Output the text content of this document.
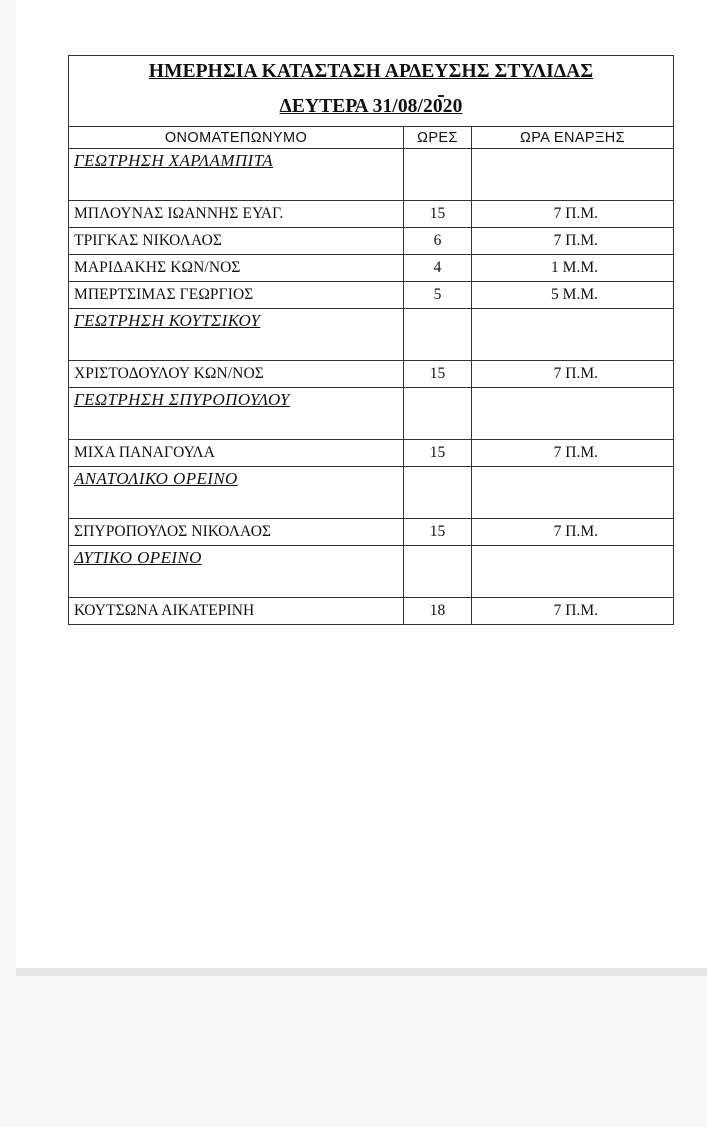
ΗΜΕΡΗΣΙΑ ΚΑΤΑΣΤΑΣΗ ΑΡΔΕΥΣΗΣ ΣΤΥΛΙΔΑΣ
ΔΕΥΤΕΡΑ 31/08/2020		

ΟΝΟΜΑΤΕΠΩΝΥΜΟ	ΩΡΕΣ	ΩΡΑ ΕΝΑΡΞΗΣ
ΓΕΩΤΡΗΣΗ ΧΑΡΛΑΜΠΙΤΑ		
ΜΠΛΟΥΝΑΣ ΙΩΑΝΝΗΣ ΕΥΑΓ.	15	7 Π.Μ.
ΤΡΙΓΚΑΣ ΝΙΚΟΛΑΟΣ	6	7 Π.Μ.
ΜΑΡΙΔΑΚΗΣ ΚΩΝ/ΝΟΣ	4	1 Μ.Μ.
ΜΠΕΡΤΣΙΜΑΣ ΓΕΩΡΓΙΟΣ	5	5 Μ.Μ.
ΓΕΩΤΡΗΣΗ ΚΟΥΤΣΙΚΟΥ		
ΧΡΙΣΤΟΔΟΥΛΟΥ ΚΩΝ/ΝΟΣ	15	7 Π.Μ.
ΓΕΩΤΡΗΣΗ ΣΠΥΡΟΠΟΥΛΟΥ		
ΜΙΧΑ ΠΑΝΑΓΟΥΛΑ	15	7 Π.Μ.
ΑΝΑΤΟΛΙΚΟ ΟΡΕΙΝΟ		
ΣΠΥΡΟΠΟΥΛΟΣ ΝΙΚΟΛΑΟΣ	15	7 Π.Μ.
ΔΥΤΙΚΟ ΟΡΕΙΝΟ		
ΚΟΥΤΣΩΝΑ ΑΙΚΑΤΕΡΙΝΗ	18	7 Π.Μ.
